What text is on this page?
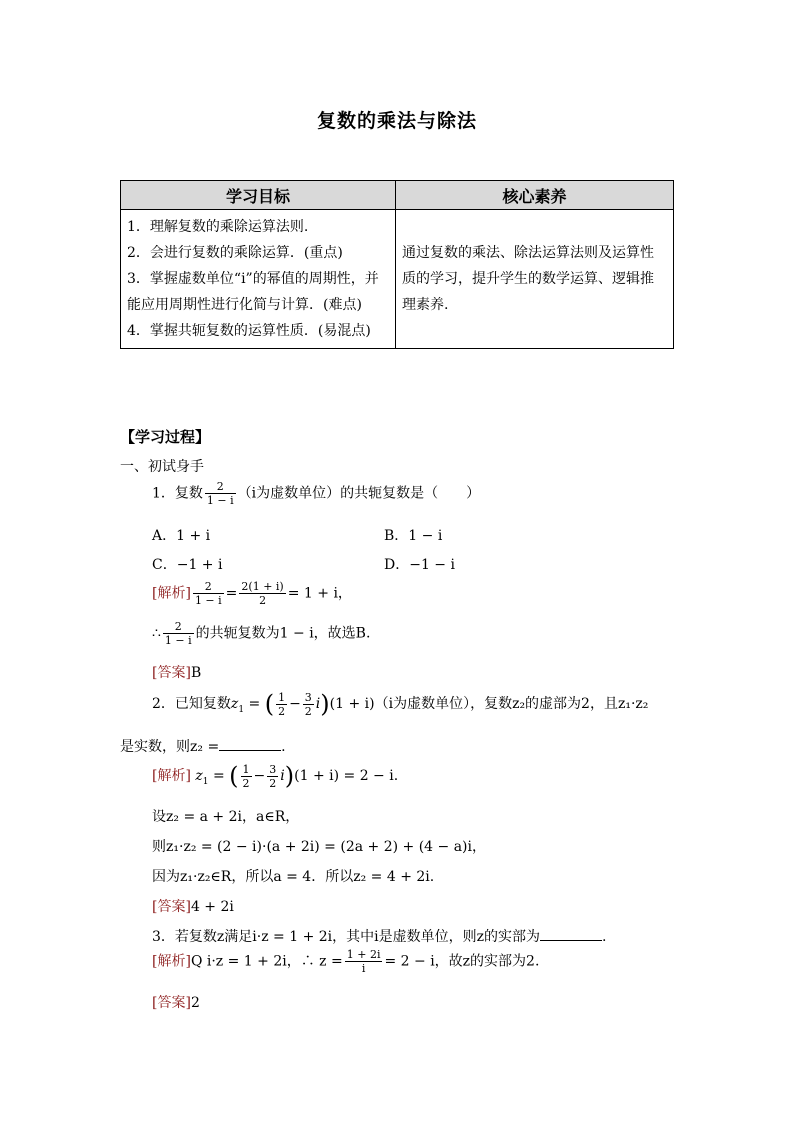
复数的乘法与除法
学习目标	核心素养

1．理解复数的乘除运算法则.
2．会进行复数的乘除运算．(重点)
3．掌握虚数单位“i”的幂值的周期性，并能应用周期性进行化简与计算．(难点)
4．掌握共轭复数的运算性质．(易混点)	通过复数的乘法、除法运算法则及运算性质的学习，提升学生的数学运算、逻辑推理素养.
【学习过程】
一、初试身手
1．复数 $\frac{2}{1 - i} (i$为虚数单位）的共轭复数是（　　）
A．1 + i	B．1 − i
C．−1 + i	D．−1 − i
[解析] $\frac{2}{1 - i} = \frac{2(1 + i)}{2} = 1 + i$，
∴ $\frac{2}{1 - i}$ 的共轭复数为1 − i，故选B.
[答案]B
2．已知复数$z_1$ = ( $\frac{1}{2} - \frac{3}{2} i)(1 + i)(i$为虚数单位），复数z₂的虚部为2，且z₁·z₂
是实数，则z₂ =	.
[解析] $z_1$ = ( $\frac{1}{2} - \frac{3}{2} i)(1 + i) = 2 - i$.
设z₂ = a + 2i，a∈R，
则z₁·z₂ = (2 − i)·(a + 2i) = (2a + 2) + (4 − a)i，
因为z₁·z₂∈R，所以a = 4．所以z₂ = 4 + 2i.
[答案]4 + 2i
3．若复数z满足i·z = 1 + 2i，其中i是虚数单位，则z的实部为	.
[解析]Q i·z = 1 + 2i，∴ $z = \frac{1 + 2i}{i} = 2 - i$，故z的实部为2.
[答案]2
